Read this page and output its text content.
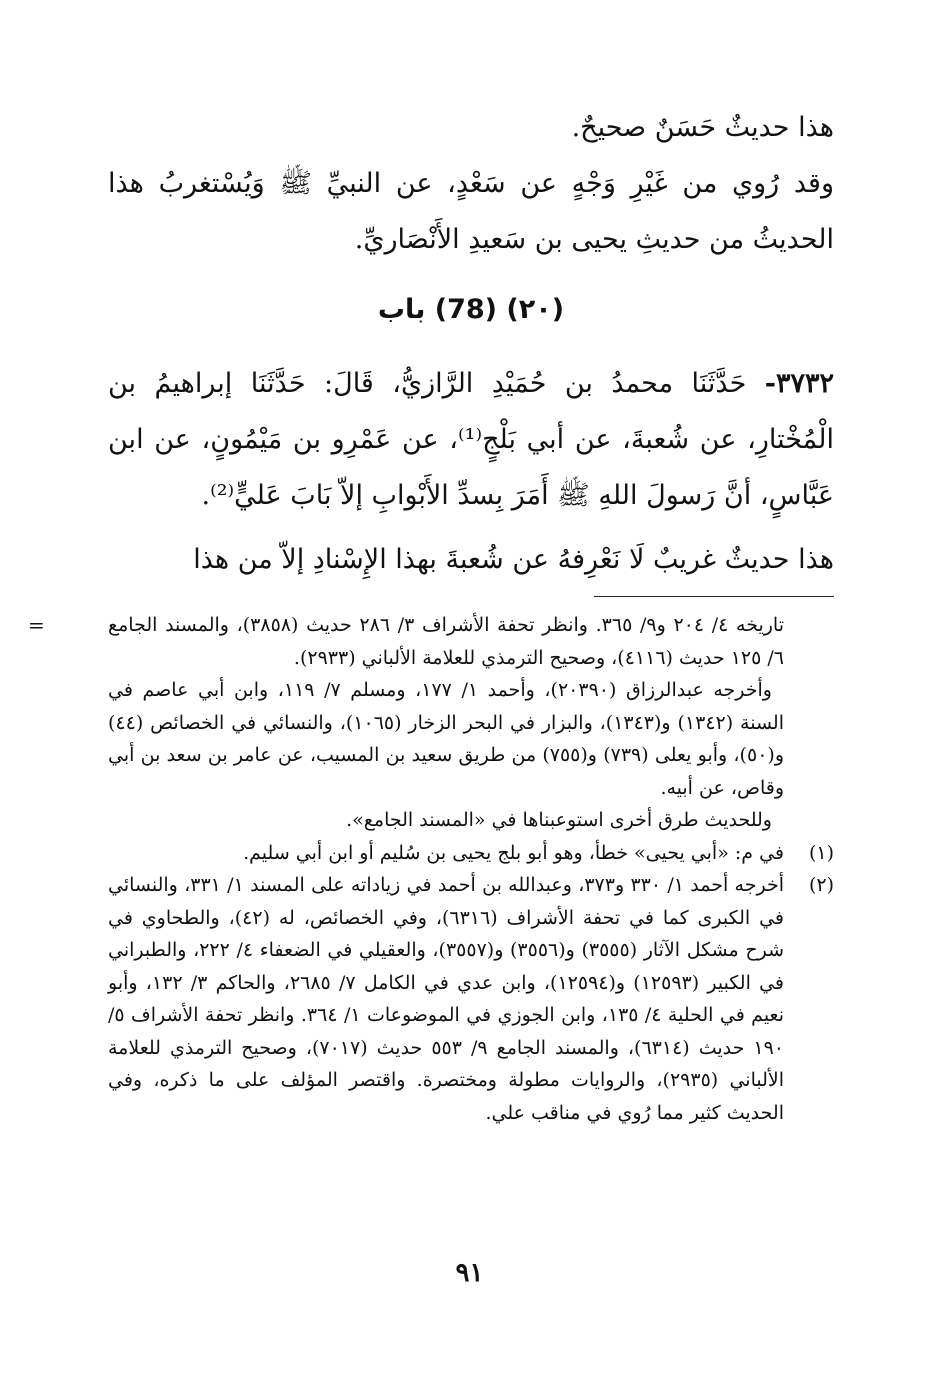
هذا حديثٌ حَسَنٌ صحيحٌ.

وقد رُوي من غَيْرِ وَجْهٍ عن سَعْدٍ، عن النبيِّ ﷺ وَيُسْتغربُ هذا الحديثُ من حديثِ يحيى بن سَعيدِ الأَنْصَاريِّ.

(٢٠) (78) باب

٣٧٣٢- حَدَّثَنَا محمدُ بن حُمَيْدِ الرَّازيُّ، قَالَ: حَدَّثَنَا إبراهيمُ بن الْمُخْتارِ، عن شُعبةَ، عن أبي بَلْجٍ⁽¹⁾، عن عَمْرِو بن مَيْمُونٍ، عن ابن عَبَّاسٍ، أنَّ رَسولَ اللهِ ﷺ أَمَرَ بِسدِّ الأَبْوابِ إلاّ بَابَ عَليٍّ⁽²⁾.

هذا حديثٌ غريبٌ لَا نَعْرِفهُ عن شُعبةَ بهذا الإِسْنادِ إلاّ من هذا

=	تاريخه ٤/ ٢٠٤ و٩/ ٣٦٥. وانظر تحفة الأشراف ٣/ ٢٨٦ حديث (٣٨٥٨)، والمسند الجامع ٦/ ١٢٥ حديث (٤١١٦)، وصحيح الترمذي للعلامة الألباني (٢٩٣٣).
وأخرجه عبدالرزاق (٢٠٣٩٠)، وأحمد ١/ ١٧٧، ومسلم ٧/ ١١٩، وابن أبي عاصم في السنة (١٣٤٢) و(١٣٤٣)، والبزار في البحر الزخار (١٠٦٥)، والنسائي في الخصائص (٤٤) و(٥٠)، وأبو يعلى (٧٣٩) و(٧٥٥) من طريق سعيد بن المسيب، عن عامر بن سعد بن أبي وقاص، عن أبيه.
وللحديث طرق أخرى استوعبناها في «المسند الجامع».
(١)
في م: «أبي يحيى» خطأ، وهو أبو بلج يحيى بن سُليم أو ابن أبي سليم.
(٢)
أخرجه أحمد ١/ ٣٣٠ و٣٧٣، وعبدالله بن أحمد في زياداته على المسند ١/ ٣٣١، والنسائي في الكبرى كما في تحفة الأشراف (٦٣١٦)، وفي الخصائص، له (٤٢)، والطحاوي في شرح مشكل الآثار (٣٥٥٥) و(٣٥٥٦) و(٣٥٥٧)، والعقيلي في الضعفاء ٤/ ٢٢٢، والطبراني في الكبير (١٢٥٩٣) و(١٢٥٩٤)، وابن عدي في الكامل ٧/ ٢٦٨٥، والحاكم ٣/ ١٣٢، وأبو نعيم في الحلية ٤/ ١٣٥، وابن الجوزي في الموضوعات ١/ ٣٦٤. وانظر تحفة الأشراف ٥/ ١٩٠ حديث (٦٣١٤)، والمسند الجامع ٩/ ٥٥٣ حديث (٧٠١٧)، وصحيح الترمذي للعلامة الألباني (٢٩٣٥)، والروايات مطولة ومختصرة. واقتصر المؤلف على ما ذكره، وفي الحديث كثير مما رُوي في مناقب علي.
٩١
